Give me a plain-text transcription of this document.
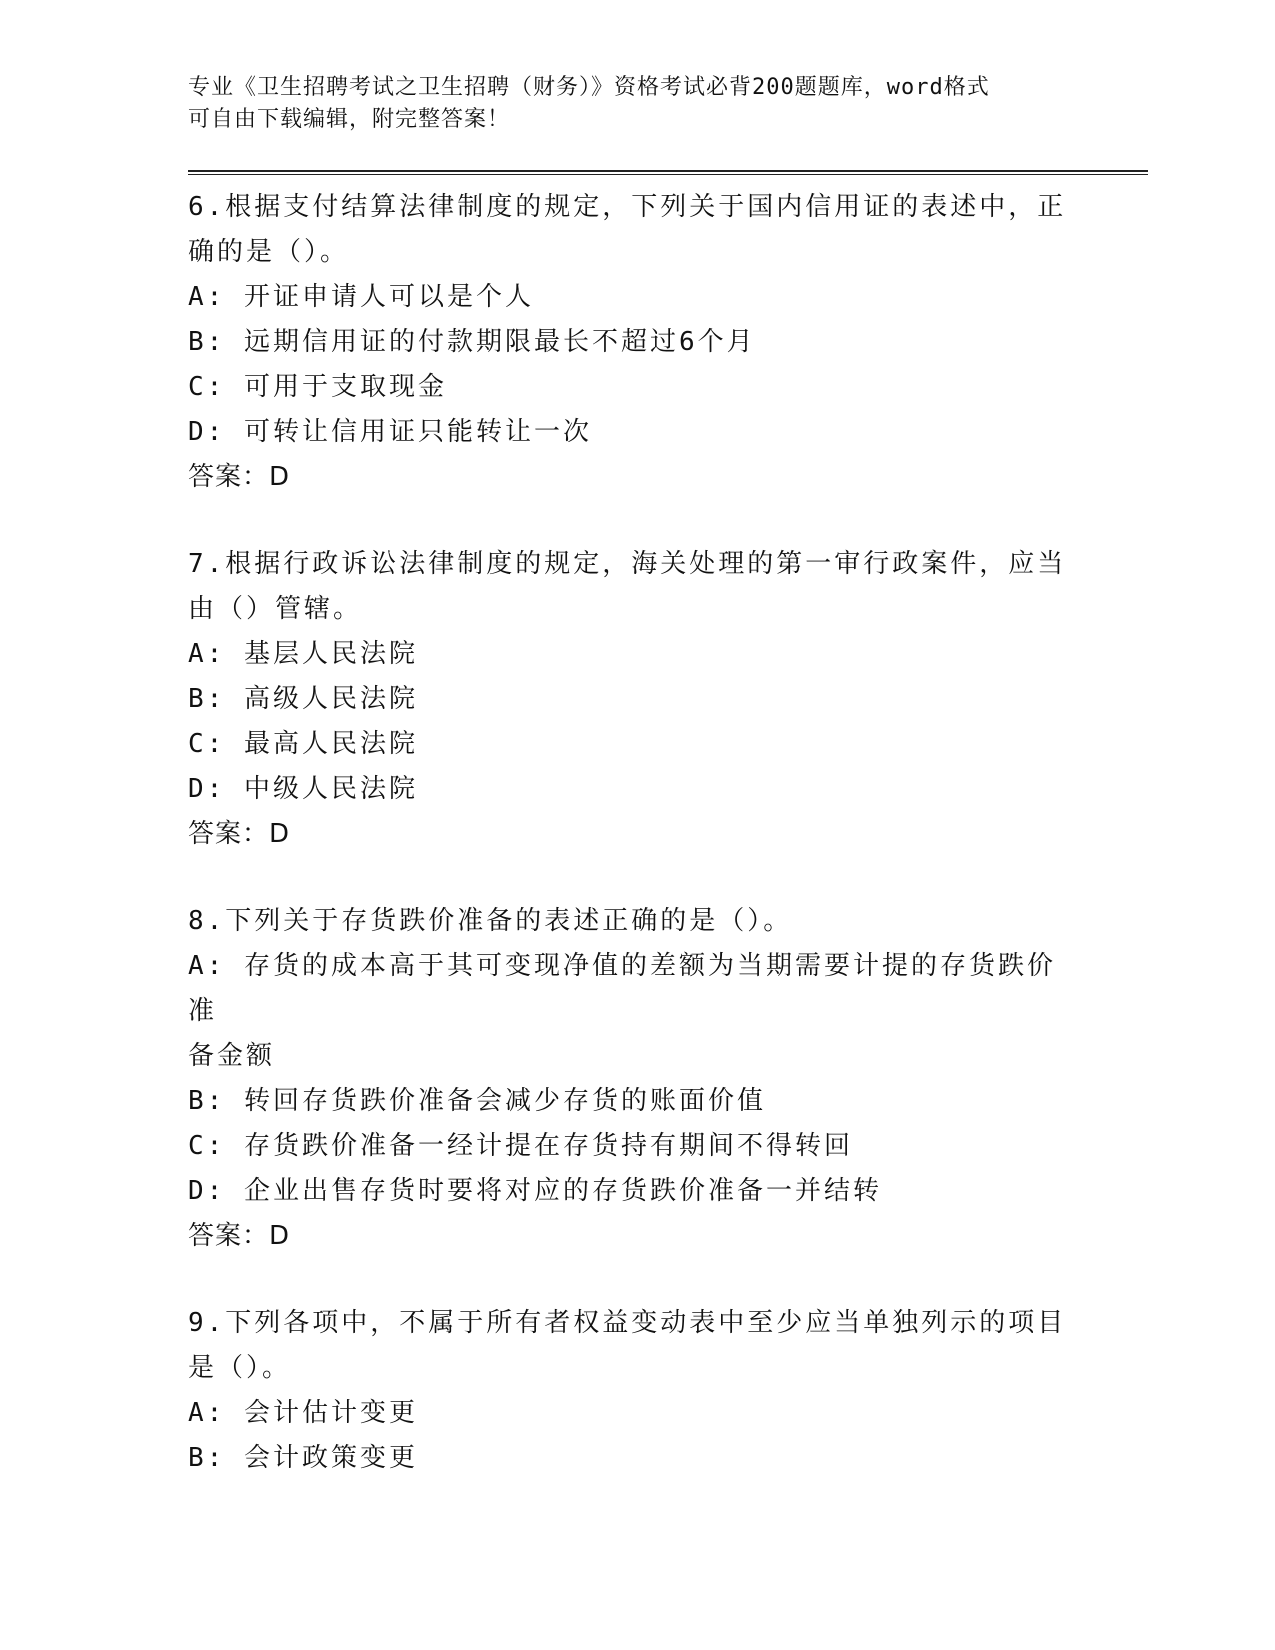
专业《卫生招聘考试之卫生招聘（财务）》资格考试必背200题题库，word格式

可自由下载编辑，附完整答案！

6.根据支付结算法律制度的规定，下列关于国内信用证的表述中，正

确的是（）。

A: 开证申请人可以是个人

B: 远期信用证的付款期限最长不超过6个月

C: 可用于支取现金

D: 可转让信用证只能转让一次

答案：D

7.根据行政诉讼法律制度的规定，海关处理的第一审行政案件，应当

由（）管辖。

A: 基层人民法院

B: 高级人民法院

C: 最高人民法院

D: 中级人民法院

答案：D

8.下列关于存货跌价准备的表述正确的是（）。

A: 存货的成本高于其可变现净值的差额为当期需要计提的存货跌价准

备金额

B: 转回存货跌价准备会减少存货的账面价值

C: 存货跌价准备一经计提在存货持有期间不得转回

D: 企业出售存货时要将对应的存货跌价准备一并结转

答案：D

9.下列各项中，不属于所有者权益变动表中至少应当单独列示的项目

是（）。

A: 会计估计变更

B: 会计政策变更
